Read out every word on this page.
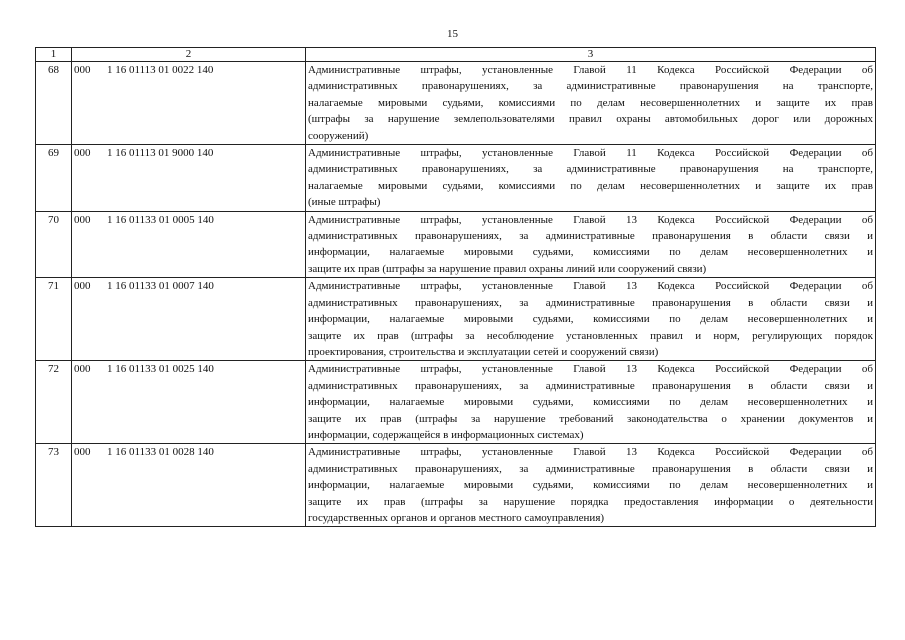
15
1	2	3
68	000 1 16 01113 01 0022 140	Административные штрафы, установленные Главой 11 Кодекса Российской Федерации об
административных правонарушениях, за административные правонарушения на транспорте,
налагаемые мировыми судьями, комиссиями по делам несовершеннолетних и защите их прав
(штрафы за нарушение землепользователями правил охраны автомобильных дорог или дорожных
сооружений)

69	000 1 16 01113 01 9000 140	Административные штрафы, установленные Главой 11 Кодекса Российской Федерации об
административных правонарушениях, за административные правонарушения на транспорте,
налагаемые мировыми судьями, комиссиями по делам несовершеннолетних и защите их прав
(иные штрафы)

70	000 1 16 01133 01 0005 140	Административные штрафы, установленные Главой 13 Кодекса Российской Федерации об
административных правонарушениях, за административные правонарушения в области связи и
информации, налагаемые мировыми судьями, комиссиями по делам несовершеннолетних и
защите их прав (штрафы за нарушение правил охраны линий или сооружений связи)

71	000 1 16 01133 01 0007 140	Административные штрафы, установленные Главой 13 Кодекса Российской Федерации об
административных правонарушениях, за административные правонарушения в области связи и
информации, налагаемые мировыми судьями, комиссиями по делам несовершеннолетних и
защите их прав (штрафы за несоблюдение установленных правил и норм, регулирующих порядок
проектирования, строительства и эксплуатации сетей и сооружений связи)

72	000 1 16 01133 01 0025 140	Административные штрафы, установленные Главой 13 Кодекса Российской Федерации об
административных правонарушениях, за административные правонарушения в области связи и
информации, налагаемые мировыми судьями, комиссиями по делам несовершеннолетних и
защите их прав (штрафы за нарушение требований законодательства о хранении документов и
информации, содержащейся в информационных системах)

73	000 1 16 01133 01 0028 140	Административные штрафы, установленные Главой 13 Кодекса Российской Федерации об
административных правонарушениях, за административные правонарушения в области связи и
информации, налагаемые мировыми судьями, комиссиями по делам несовершеннолетних и
защите их прав (штрафы за нарушение порядка предоставления информации о деятельности
государственных органов и органов местного самоуправления)
